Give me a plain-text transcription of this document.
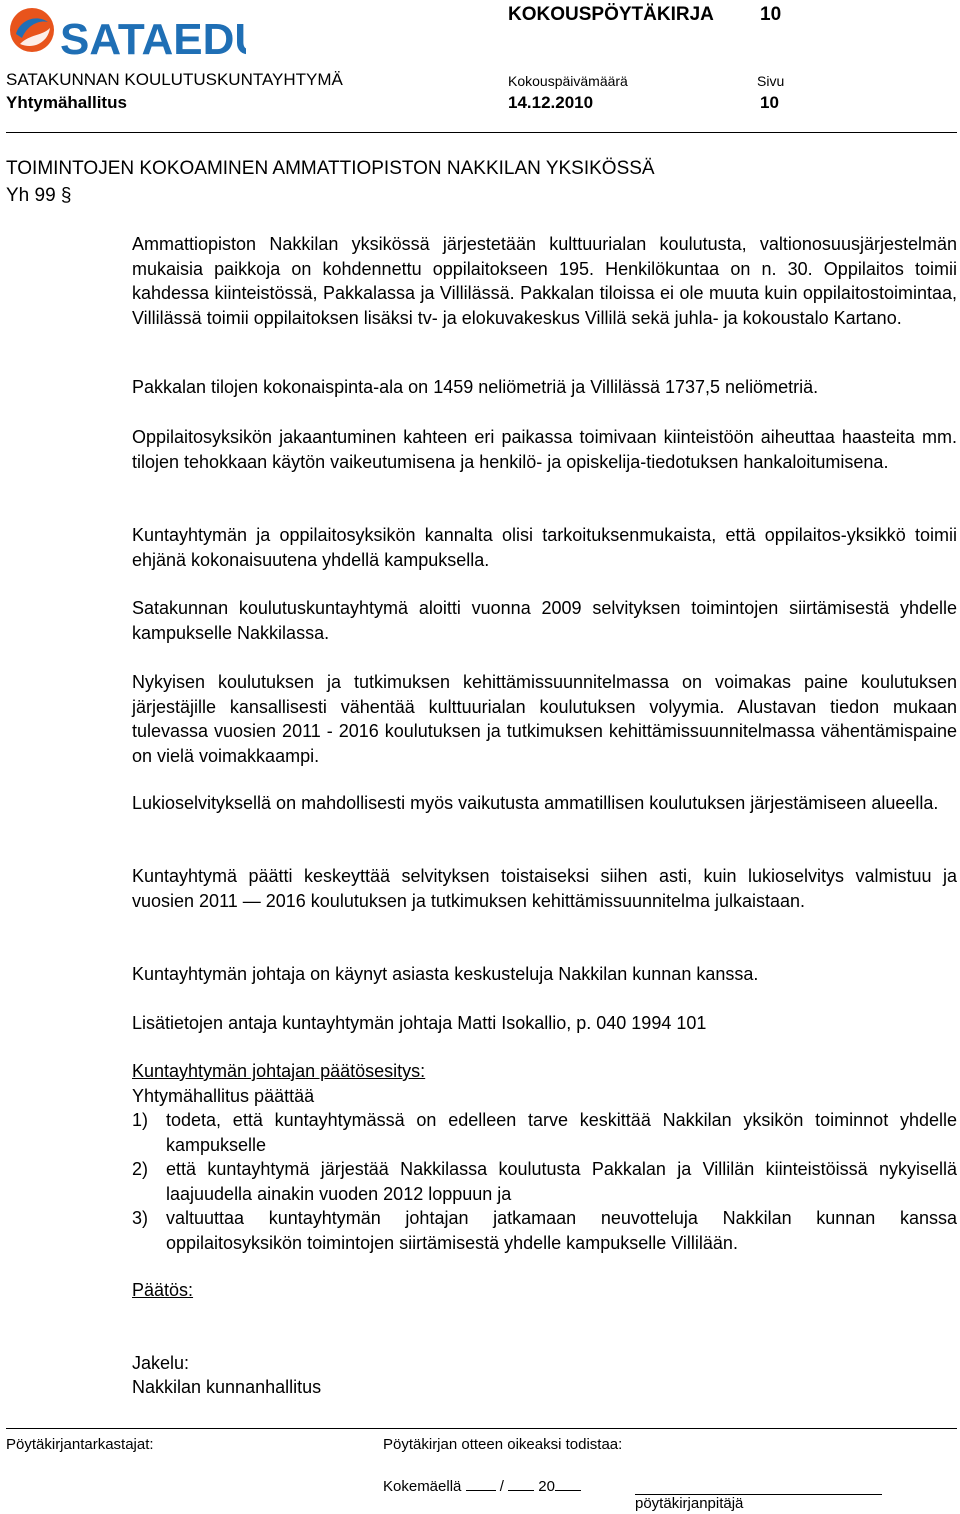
SATAEDU
KOKOUSPÖYTÄKIRJA 10
SATAKUNNAN KOULUTUSKUNTAYHTYMÄ	Kokouspäivämäärä	Sivu
Yhtymähallitus	14.12.2010	10
TOIMINTOJEN KOKOAMINEN AMMATTIOPISTON NAKKILAN YKSIKÖSSÄ
Yh 99 §

Ammattiopiston Nakkilan yksikössä järjestetään kulttuurialan koulutusta, valtionosuusjärjestelmän mukaisia paikkoja on kohdennettu oppilaitokseen 195. Henkilökuntaa on n. 30. Oppilaitos toimii kahdessa kiinteistössä, Pakkalassa ja Villilässä. Pakkalan tiloissa ei ole muuta kuin oppilaitostoimintaa, Villilässä toimii oppilaitoksen lisäksi tv- ja elokuvakeskus Villilä sekä juhla- ja kokoustalo Kartano.

Pakkalan tilojen kokonaispinta-ala on 1459 neliömetriä ja Villilässä 1737,5 neliömetriä.

Oppilaitosyksikön jakaantuminen kahteen eri paikassa toimivaan kiinteistöön aiheuttaa haasteita mm. tilojen tehokkaan käytön vaikeutumisena ja henkilö- ja opiskelija-tiedotuksen hankaloitumisena.

Kuntayhtymän ja oppilaitosyksikön kannalta olisi tarkoituksenmukaista, että oppilaitos-yksikkö toimii ehjänä kokonaisuutena yhdellä kampuksella.

Satakunnan koulutuskuntayhtymä aloitti vuonna 2009 selvityksen toimintojen siirtämisestä yhdelle kampukselle Nakkilassa.

Nykyisen koulutuksen ja tutkimuksen kehittämissuunnitelmassa on voimakas paine koulutuksen järjestäjille kansallisesti vähentää kulttuurialan koulutuksen volyymia. Alustavan tiedon mukaan tulevassa vuosien 2011 - 2016 koulutuksen ja tutkimuksen kehittämissuunnitelmassa vähentämispaine on vielä voimakkaampi.

Lukioselvityksellä on mahdollisesti myös vaikutusta ammatillisen koulutuksen järjestämiseen alueella.

Kuntayhtymä päätti keskeyttää selvityksen toistaiseksi siihen asti, kuin lukioselvitys valmistuu ja vuosien 2011 — 2016 koulutuksen ja tutkimuksen kehittämissuunnitelma julkaistaan.

Kuntayhtymän johtaja on käynyt asiasta keskusteluja Nakkilan kunnan kanssa.

Lisätietojen antaja kuntayhtymän johtaja Matti Isokallio, p. 040 1994 101

Kuntayhtymän johtajan päätösesitys:
Yhtymähallitus päättää
1) todeta, että kuntayhtymässä on edelleen tarve keskittää Nakkilan yksikön toiminnot yhdelle kampukselle
2) että kuntayhtymä järjestää Nakkilassa koulutusta Pakkalan ja Villilän kiinteistöissä nykyisellä laajuudella ainakin vuoden 2012 loppuun ja
3) valtuuttaa kuntayhtymän johtajan jatkamaan neuvotteluja Nakkilan kunnan kanssa oppilaitosyksikön toimintojen siirtämisestä yhdelle kampukselle Villilään.
Päätös:
Jakelu:
Nakkilan kunnanhallitus
Pöytäkirjantarkastajat:	Pöytäkirjan otteen oikeaksi todistaa:
Kokemäellä	/ 20
pöytäkirjanpitäjä
